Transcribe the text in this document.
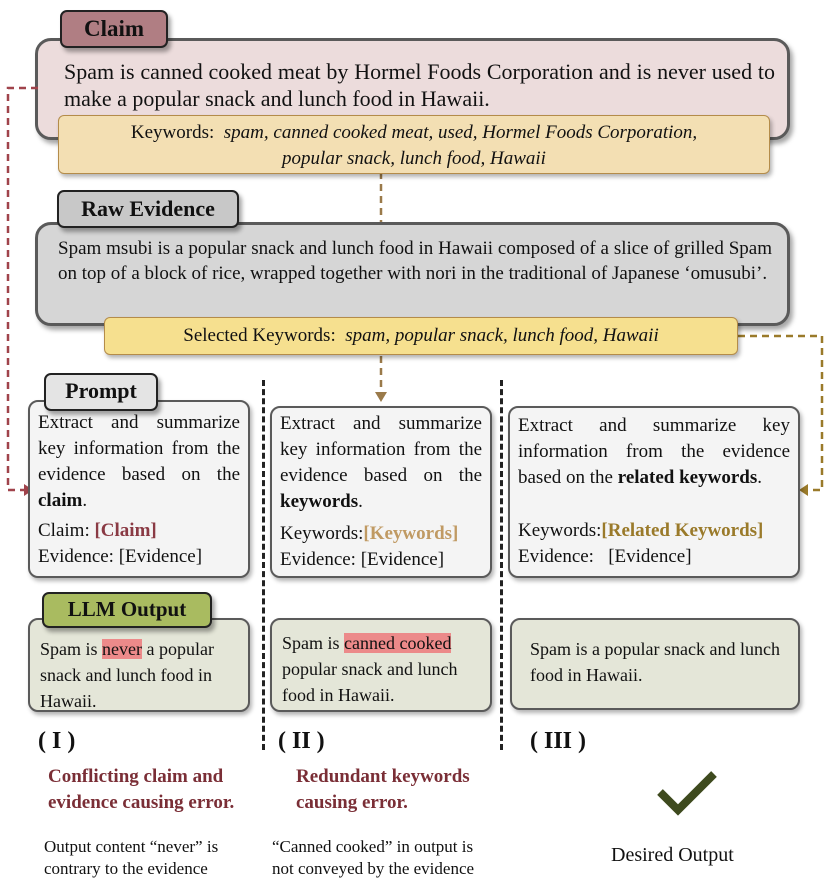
Claim
Spam is canned cooked meat by Hormel Foods Corporation and is never used to make a popular snack and lunch food in Hawaii.
Keywords: spam, canned cooked meat, used, Hormel Foods Corporation,
popular snack, lunch food, Hawaii
Raw Evidence
Spam msubi is a popular snack and lunch food in Hawaii composed of a slice of grilled Spam on top of a block of rice, wrapped together with nori in the traditional of Japanese ‘omusubi’.
Selected Keywords: spam, popular snack, lunch food, Hawaii
Prompt
Extract and summarize key information from the evidence based on the claim.
Claim: [Claim]
Evidence: [Evidence]
Extract and summarize key information from the evidence based on the keywords.
Keywords:[Keywords]
Evidence: [Evidence]
Extract and summarize key information from the evidence based on the related keywords.
Keywords:[Related Keywords]
Evidence: [Evidence]
LLM Output
Spam is never a popular snack and lunch food in Hawaii.
Spam is canned cooked popular snack and lunch food in Hawaii.
Spam is a popular snack and lunch food in Hawaii.
( I )	( II )	( III )
Conflicting claim and
evidence causing error.
Redundant keywords
causing error.
Output content “never” is
contrary to the evidence
“Canned cooked” in output is
not conveyed by the evidence
Desired Output
